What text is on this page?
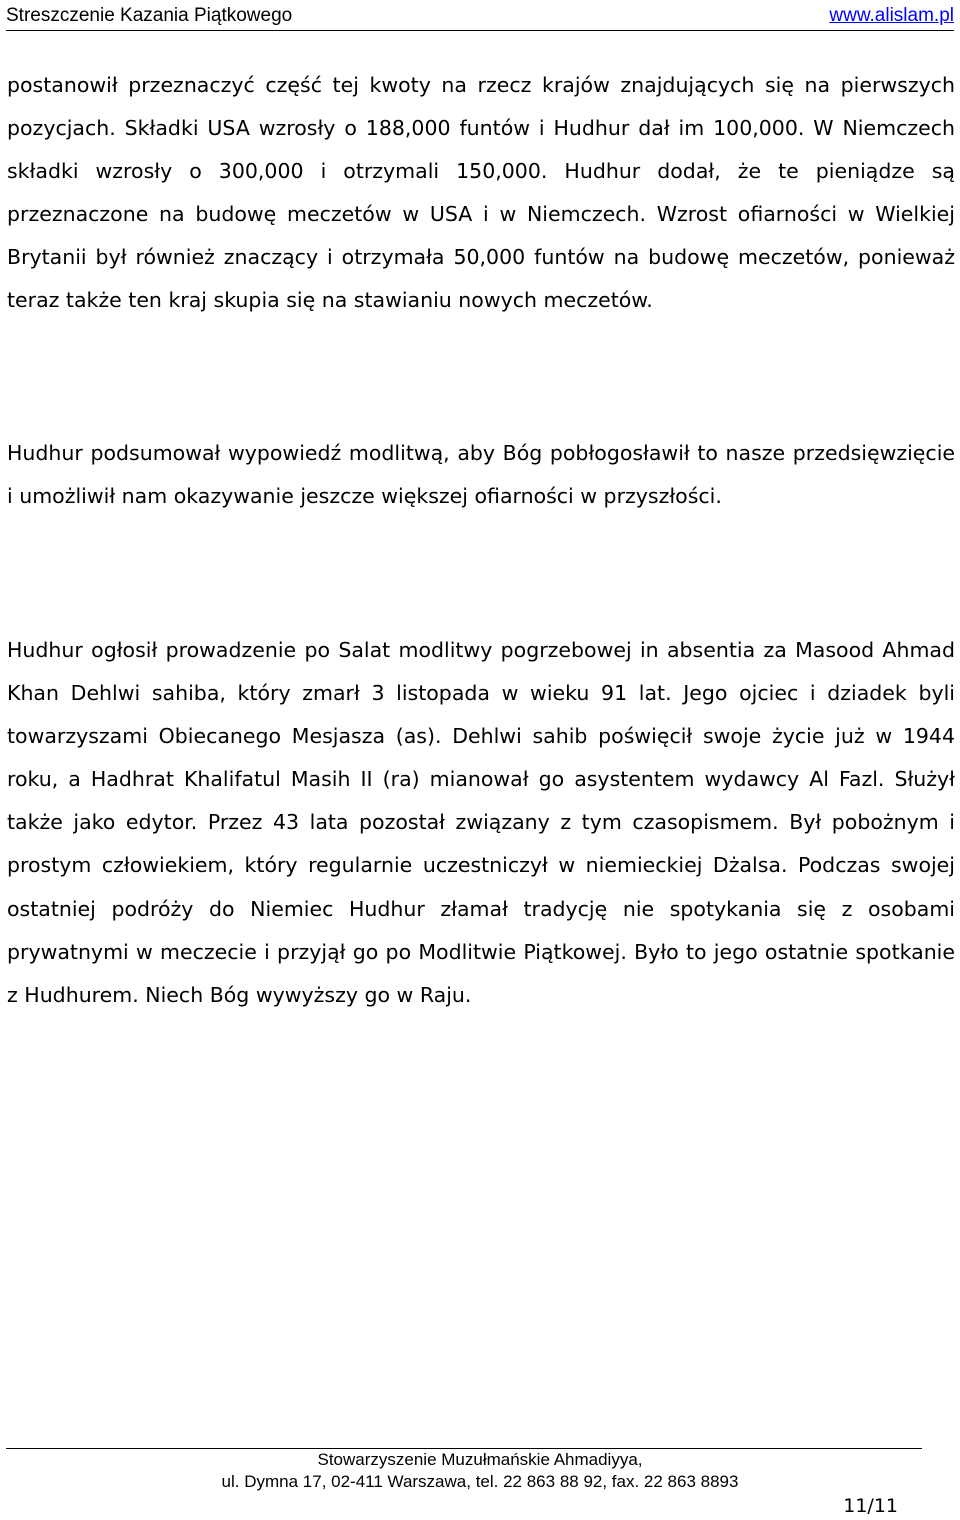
Streszczenie Kazania Piątkowego	www.alislam.pl

postanowił przeznaczyć część tej kwoty na rzecz krajów znajdujących się na pierwszych pozycjach. Składki USA wzrosły o 188,000 funtów i Hudhur dał im 100,000. W Niemczech składki wzrosły o 300,000 i otrzymali 150,000. Hudhur dodał, że te pieniądze są przeznaczone na budowę meczetów w USA i w Niemczech. Wzrost ofiarności w Wielkiej Brytanii był również znaczący i otrzymała 50,000 funtów na budowę meczetów, ponieważ teraz także ten kraj skupia się na stawianiu nowych meczetów.

Hudhur podsumował wypowiedź modlitwą, aby Bóg pobłogosławił to nasze przedsięwzięcie i umożliwił nam okazywanie jeszcze większej ofiarności w przyszłości.

Hudhur ogłosił prowadzenie po Salat modlitwy pogrzebowej in absentia za Masood Ahmad Khan Dehlwi sahiba, który zmarł 3 listopada w wieku 91 lat. Jego ojciec i dziadek byli towarzyszami Obiecanego Mesjasza (as). Dehlwi sahib poświęcił swoje życie już w 1944 roku, a Hadhrat Khalifatul Masih II (ra) mianował go asystentem wydawcy Al Fazl. Służył także jako edytor. Przez 43 lata pozostał związany z tym czasopismem. Był pobożnym i prostym człowiekiem, który regularnie uczestniczył w niemieckiej Dżalsa. Podczas swojej ostatniej podróży do Niemiec Hudhur złamał tradycję nie spotykania się z osobami prywatnymi w meczecie i przyjął go po Modlitwie Piątkowej. Było to jego ostatnie spotkanie z Hudhurem. Niech Bóg wywyższy go w Raju.

Stowarzyszenie Muzułmańskie Ahmadiyya,
ul. Dymna 17, 02-411 Warszawa, tel. 22 863 88 92, fax. 22 863 8893
11/11
